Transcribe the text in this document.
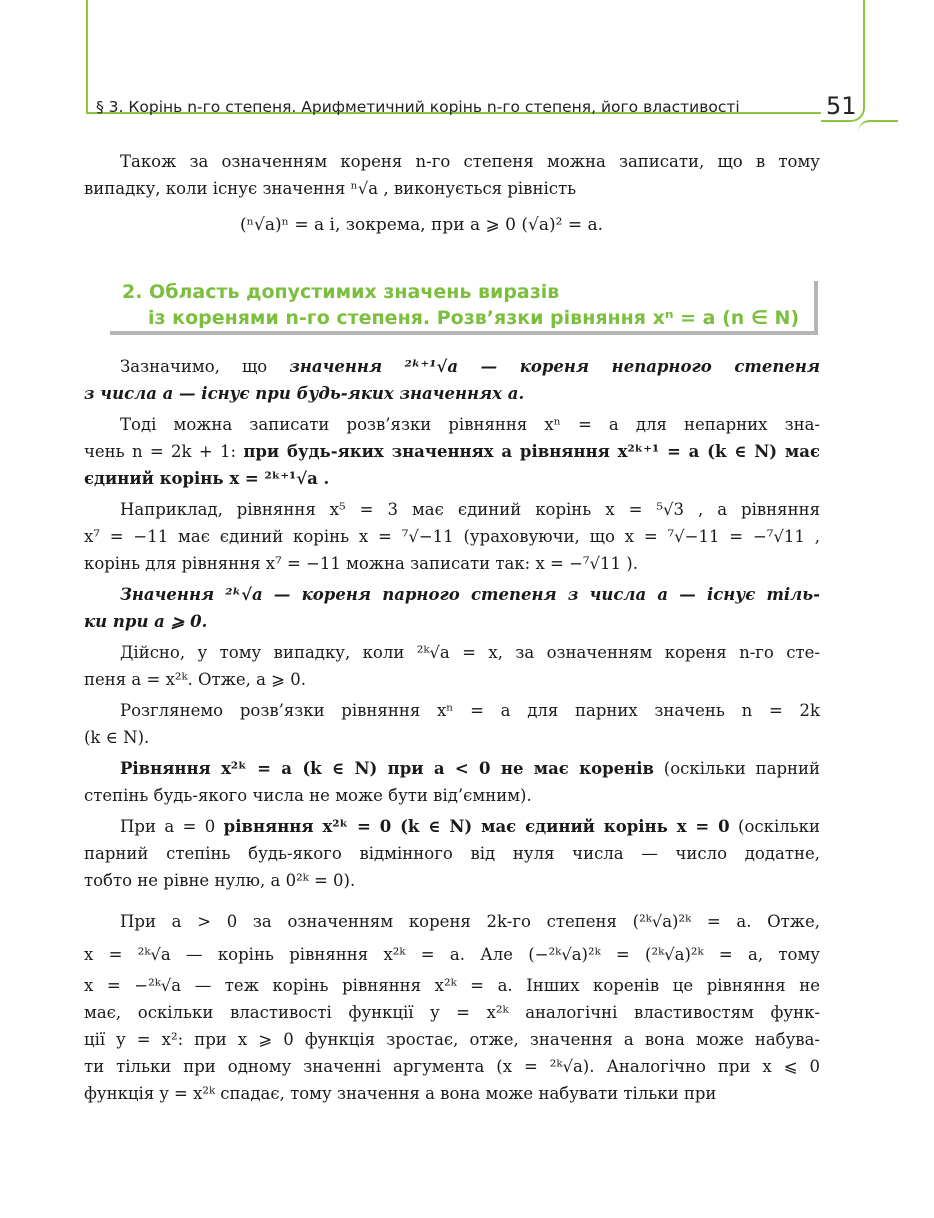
§ 3. Корінь n-го степеня. Арифметичний корінь n-го степеня, його властивості	51
Також за означенням кореня n-го степеня можна записати, що в тому
випадку, коли існує значення ⁿ√a , виконується рівність
(ⁿ√a)ⁿ = a і, зокрема, при a ⩾ 0 (√a)² = a.
2. Область допустимих значень виразів
із коренями n-го степеня. Розв’язки рівняння xⁿ = a (n ∈ N)
Зазначимо, що значення ²ᵏ⁺¹√a — кореня непарного степеня
з числа a — існує при будь-яких значеннях a.
Тоді можна записати розв’язки рівняння xⁿ = a для непарних зна-
чень n = 2k + 1: при будь-яких значеннях a рівняння x²ᵏ⁺¹ = a (k ∈ N) має
єдиний корінь x = ²ᵏ⁺¹√a .
Наприклад, рівняння x⁵ = 3 має єдиний корінь x = ⁵√3 , а рівняння
x⁷ = −11 має єдиний корінь x = ⁷√−11 (ураховуючи, що x = ⁷√−11 = −⁷√11 ,
корінь для рівняння x⁷ = −11 можна записати так: x = −⁷√11 ).
Значення ²ᵏ√a — кореня парного степеня з числа a — існує тіль-
ки при a ⩾ 0.
Дійсно, у тому випадку, коли ²ᵏ√a = x, за означенням кореня n-го сте-
пеня a = x²ᵏ. Отже, a ⩾ 0.
Розглянемо розв’язки рівняння xⁿ = a для парних значень n = 2k
(k ∈ N).
Рівняння x²ᵏ = a (k ∈ N) при a < 0 не має коренів (оскільки парний
степінь будь-якого числа не може бути від’ємним).
При a = 0 рівняння x²ᵏ = 0 (k ∈ N) має єдиний корінь x = 0 (оскільки
парний степінь будь-якого відмінного від нуля числа — число додатне,
тобто не рівне нулю, а 0²ᵏ = 0).
При a > 0 за означенням кореня 2k-го степеня (²ᵏ√a)²ᵏ = a. Отже,
x = ²ᵏ√a — корінь рівняння x²ᵏ = a. Але (−²ᵏ√a)²ᵏ = (²ᵏ√a)²ᵏ = a, тому
x = −²ᵏ√a — теж корінь рівняння x²ᵏ = a. Інших коренів це рівняння не
має, оскільки властивості функції y = x²ᵏ аналогічні властивостям функ-
ції y = x²: при x ⩾ 0 функція зростає, отже, значення a вона може набува-
ти тільки при одному значенні аргумента (x = ²ᵏ√a). Аналогічно при x ⩽ 0
функція y = x²ᵏ спадає, тому значення a вона може набувати тільки при
